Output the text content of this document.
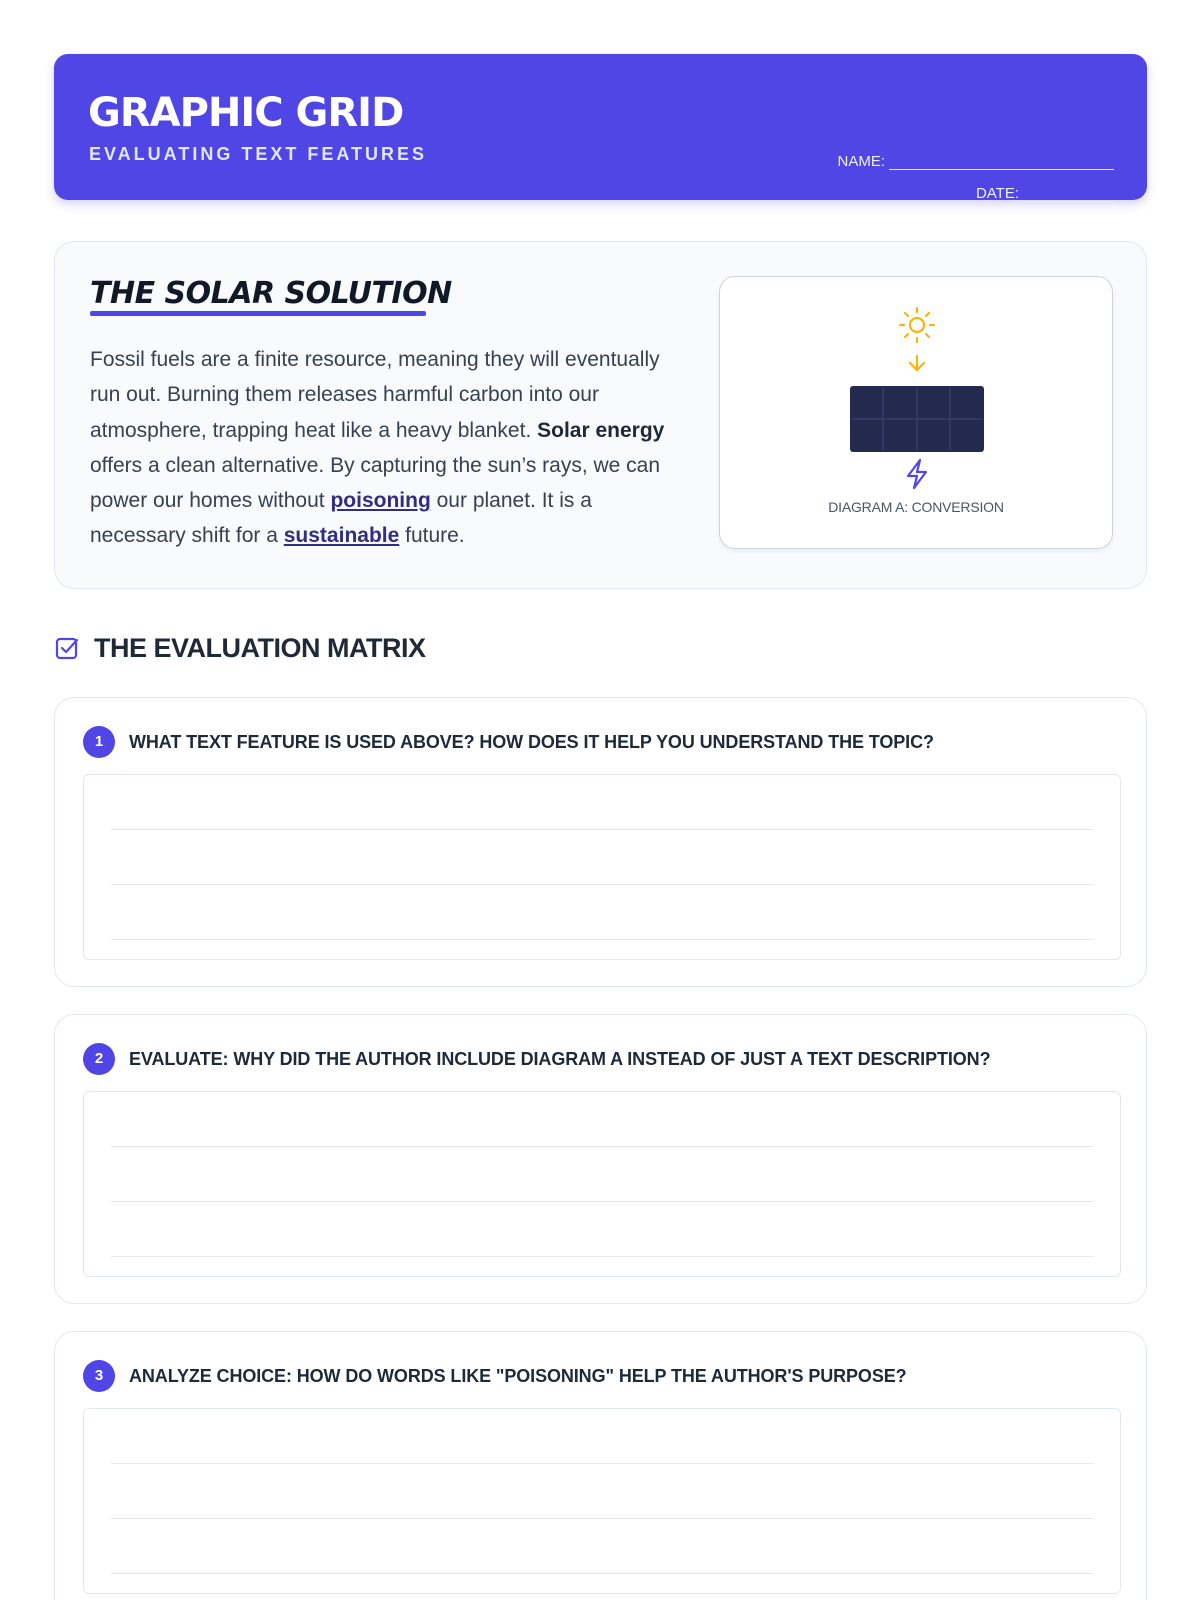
GRAPHIC GRID
EVALUATING TEXT FEATURES	NAME:
DATE:
THE SOLAR SOLUTION
Fossil fuels are a finite resource, meaning they will eventually run out. Burning them releases harmful carbon into our atmosphere, trapping heat like a heavy blanket. Solar energy offers a clean alternative. By capturing the sun’s rays, we can power our homes without poisoning our planet. It is a necessary shift for a sustainable future.
DIAGRAM A: CONVERSION
THE EVALUATION MATRIX
1	WHAT TEXT FEATURE IS USED ABOVE? HOW DOES IT HELP YOU UNDERSTAND THE TOPIC?
2	EVALUATE: WHY DID THE AUTHOR INCLUDE DIAGRAM A INSTEAD OF JUST A TEXT DESCRIPTION?
3	ANALYZE CHOICE: HOW DO WORDS LIKE "POISONING" HELP THE AUTHOR'S PURPOSE?
